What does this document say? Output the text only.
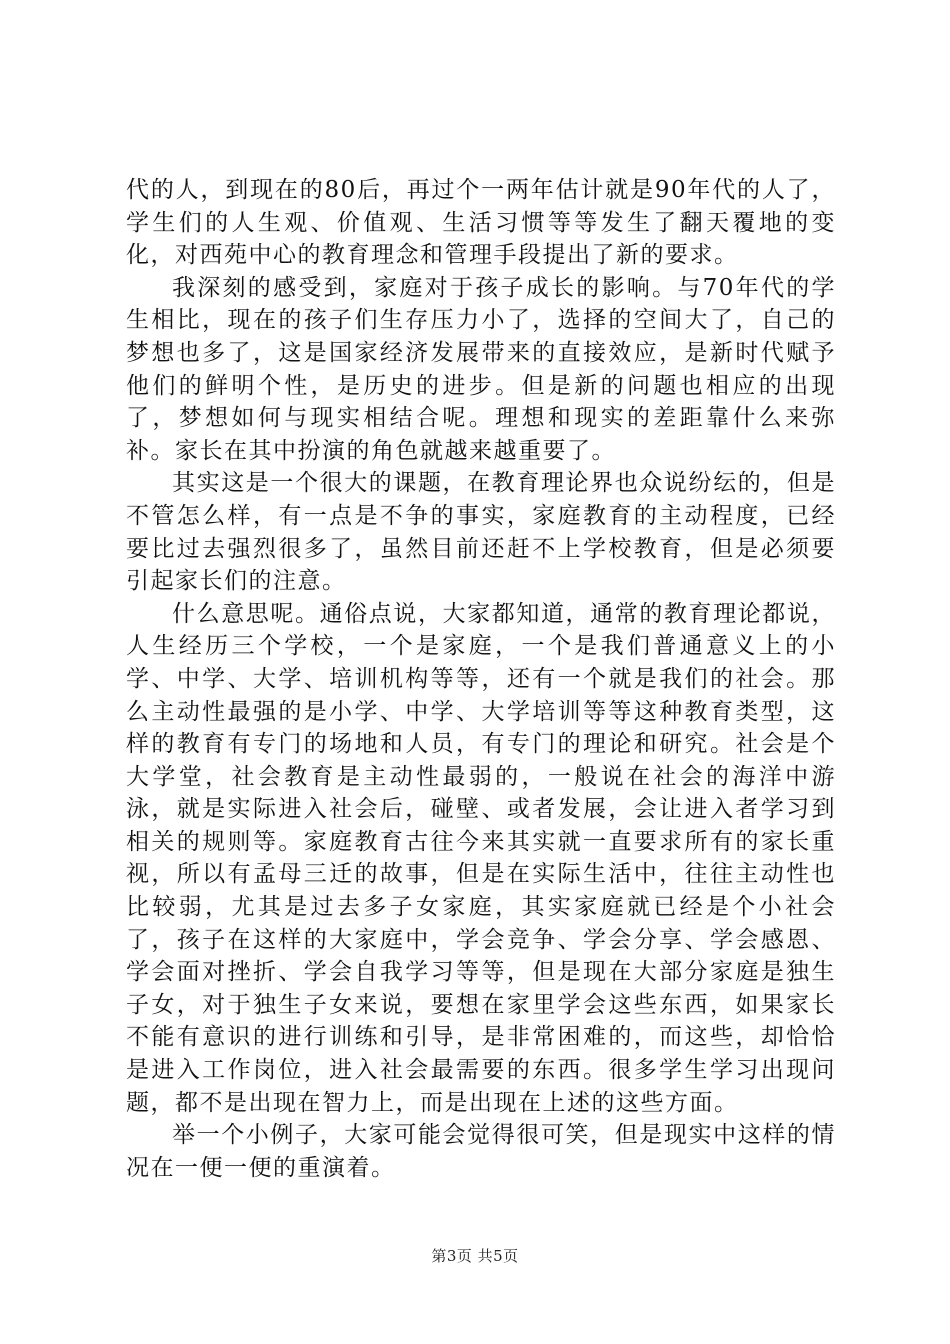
代的人，到现在的80后，再过个一两年估计就是90年代的人了，学生们的人生观、价值观、生活习惯等等发生了翻天覆地的变化，对西苑中心的教育理念和管理手段提出了新的要求。

我深刻的感受到，家庭对于孩子成长的影响。与70年代的学生相比，现在的孩子们生存压力小了，选择的空间大了，自己的梦想也多了，这是国家经济发展带来的直接效应，是新时代赋予他们的鲜明个性，是历史的进步。但是新的问题也相应的出现了，梦想如何与现实相结合呢。理想和现实的差距靠什么来弥补。家长在其中扮演的角色就越来越重要了。

其实这是一个很大的课题，在教育理论界也众说纷纭的，但是不管怎么样，有一点是不争的事实，家庭教育的主动程度，已经要比过去强烈很多了，虽然目前还赶不上学校教育，但是必须要引起家长们的注意。

什么意思呢。通俗点说，大家都知道，通常的教育理论都说，人生经历三个学校，一个是家庭，一个是我们普通意义上的小学、中学、大学、培训机构等等，还有一个就是我们的社会。那么主动性最强的是小学、中学、大学培训等等这种教育类型，这样的教育有专门的场地和人员，有专门的理论和研究。社会是个大学堂，社会教育是主动性最弱的，一般说在社会的海洋中游泳，就是实际进入社会后，碰壁、或者发展，会让进入者学习到相关的规则等。家庭教育古往今来其实就一直要求所有的家长重视，所以有孟母三迁的故事，但是在实际生活中，往往主动性也比较弱，尤其是过去多子女家庭，其实家庭就已经是个小社会了，孩子在这样的大家庭中，学会竞争、学会分享、学会感恩、学会面对挫折、学会自我学习等等，但是现在大部分家庭是独生子女，对于独生子女来说，要想在家里学会这些东西，如果家长不能有意识的进行训练和引导，是非常困难的，而这些，却恰恰是进入工作岗位，进入社会最需要的东西。很多学生学习出现问题，都不是出现在智力上，而是出现在上述的这些方面。

举一个小例子，大家可能会觉得很可笑，但是现实中这样的情况在一便一便的重演着。

第3页 共5页
